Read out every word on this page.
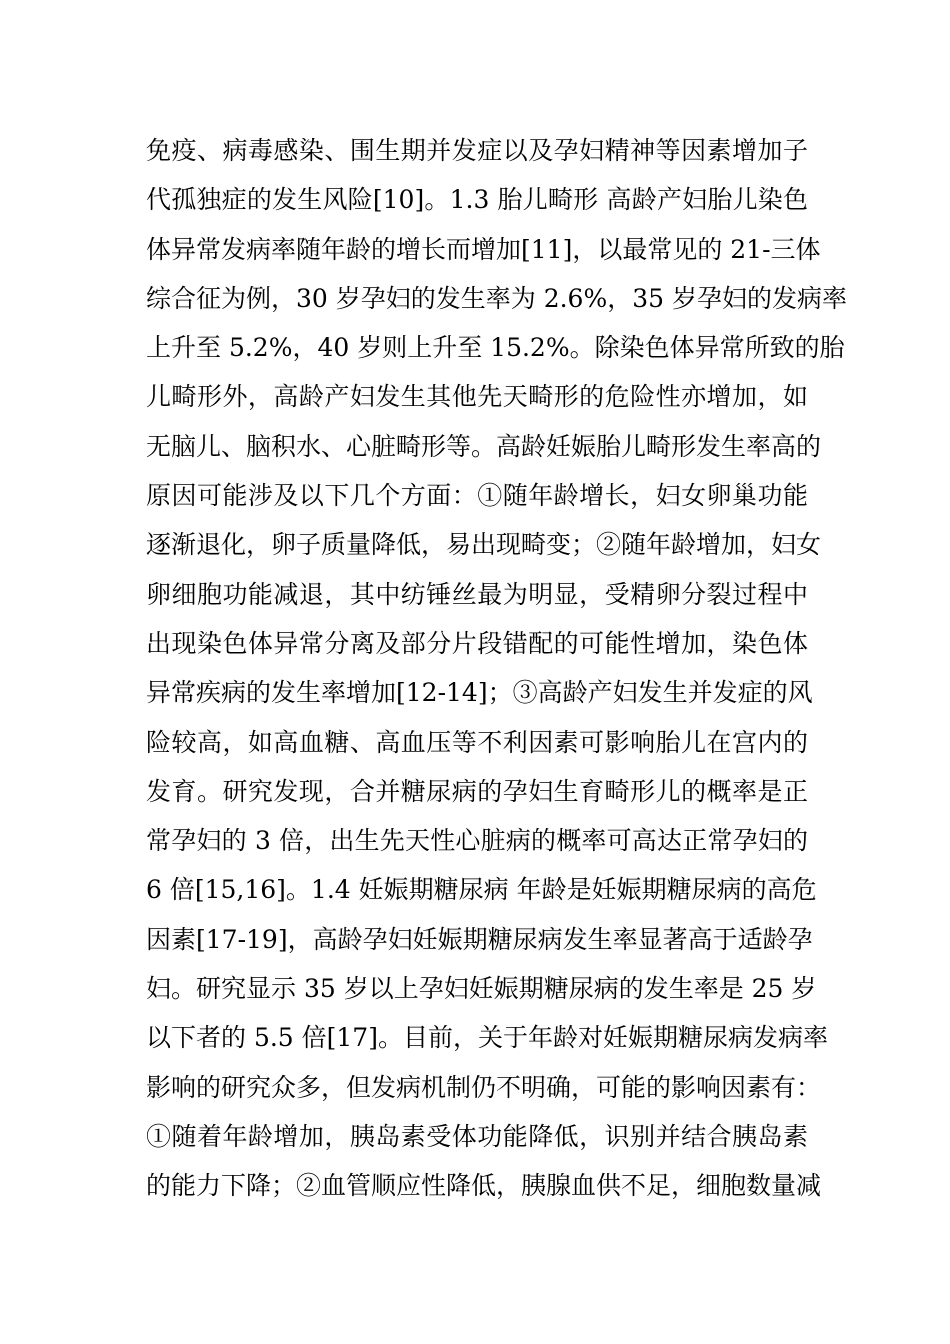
免疫、病毒感染、围生期并发症以及孕妇精神等因素增加子
代孤独症的发生风险[10]。1.3 胎儿畸形 高龄产妇胎儿染色
体异常发病率随年龄的增长而增加[11]，以最常见的 21-三体
综合征为例，30 岁孕妇的发生率为 2.6%，35 岁孕妇的发病率
上升至 5.2%，40 岁则上升至 15.2%。除染色体异常所致的胎
儿畸形外，高龄产妇发生其他先天畸形的危险性亦增加，如
无脑儿、脑积水、心脏畸形等。高龄妊娠胎儿畸形发生率高的
原因可能涉及以下几个方面：①随年龄增长，妇女卵巢功能
逐渐退化，卵子质量降低，易出现畸变；②随年龄增加，妇女
卵细胞功能减退，其中纺锤丝最为明显，受精卵分裂过程中
出现染色体异常分离及部分片段错配的可能性增加，染色体
异常疾病的发生率增加[12-14]；③高龄产妇发生并发症的风
险较高，如高血糖、高血压等不利因素可影响胎儿在宫内的
发育。研究发现，合并糖尿病的孕妇生育畸形儿的概率是正
常孕妇的 3 倍，出生先天性心脏病的概率可高达正常孕妇的
6 倍[15,16]。1.4 妊娠期糖尿病 年龄是妊娠期糖尿病的高危
因素[17-19]，高龄孕妇妊娠期糖尿病发生率显著高于适龄孕
妇。研究显示 35 岁以上孕妇妊娠期糖尿病的发生率是 25 岁
以下者的 5.5 倍[17]。目前，关于年龄对妊娠期糖尿病发病率
影响的研究众多，但发病机制仍不明确，可能的影响因素有：
①随着年龄增加，胰岛素受体功能降低，识别并结合胰岛素
的能力下降；②血管顺应性降低，胰腺血供不足，细胞数量减
